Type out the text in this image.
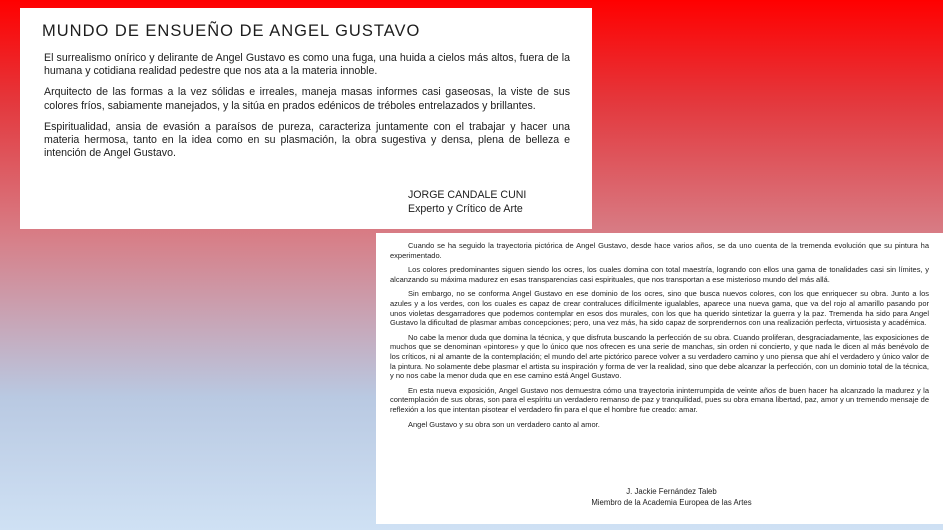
MUNDO DE ENSUEÑO DE ANGEL GUSTAVO

El surrealismo onírico y delirante de Angel Gustavo es como una fuga, una huida a cielos más altos, fuera de la humana y cotidiana realidad pedestre que nos ata a la materia innoble.

Arquitecto de las formas a la vez sólidas e irreales, maneja masas informes casi gaseosas, la viste de sus colores fríos, sabiamente manejados, y la sitúa en prados edénicos de tréboles entrelazados y brillantes.

Espiritualidad, ansia de evasión a paraísos de pureza, caracteriza juntamente con el trabajar y hacer una materia hermosa, tanto en la idea como en su plasmación, la obra sugestiva y densa, plena de belleza e intención de Angel Gustavo.

JORGE CANDALE CUNI
Experto y Crítico de Arte

Cuando se ha seguido la trayectoria pictórica de Angel Gustavo, desde hace varios años, se da uno cuenta de la tremenda evolución que su pintura ha experimentado.

Los colores predominantes siguen siendo los ocres, los cuales domina con total maestría, logrando con ellos una gama de tonalidades casi sin límites, y alcanzando su máxima madurez en esas transparencias casi espirituales, que nos transportan a ese misterioso mundo del más allá.

Sin embargo, no se conforma Angel Gustavo en ese dominio de los ocres, sino que busca nuevos colores, con los que enriquecer su obra. Junto a los azules y a los verdes, con los cuales es capaz de crear contraluces difícilmente igualables, aparece una nueva gama, que va del rojo al amarillo pasando por unos violetas desgarradores que podemos contemplar en esos dos murales, con los que ha querido sintetizar la guerra y la paz. Tremenda ha sido para Angel Gustavo la dificultad de plasmar ambas concepciones; pero, una vez más, ha sido capaz de sorprendernos con una realización perfecta, virtuosista y académica.

No cabe la menor duda que domina la técnica, y que disfruta buscando la perfección de su obra. Cuando proliferan, desgraciadamente, las exposiciones de muchos que se denominan «pintores» y que lo único que nos ofrecen es una serie de manchas, sin orden ni concierto, y que nada le dicen al más benévolo de los críticos, ni al amante de la contemplación; el mundo del arte pictórico parece volver a su verdadero camino y uno piensa que ahí el verdadero y único valor de la pintura. No solamente debe plasmar el artista su inspiración y forma de ver la realidad, sino que debe alcanzar la perfección, con un dominio total de la técnica, y no nos cabe la menor duda que en ese camino está Angel Gustavo.

En esta nueva exposición, Angel Gustavo nos demuestra cómo una trayectoria ininterrumpida de veinte años de buen hacer ha alcanzado la madurez y la contemplación de sus obras, son para el espíritu un verdadero remanso de paz y tranquilidad, pues su obra emana libertad, paz, amor y un tremendo mensaje de reflexión a los que intentan pisotear el verdadero fin para el que el hombre fue creado: amar.

Angel Gustavo y su obra son un verdadero canto al amor.

J. Jackie Fernández Taleb
Miembro de la Academia Europea de las Artes
